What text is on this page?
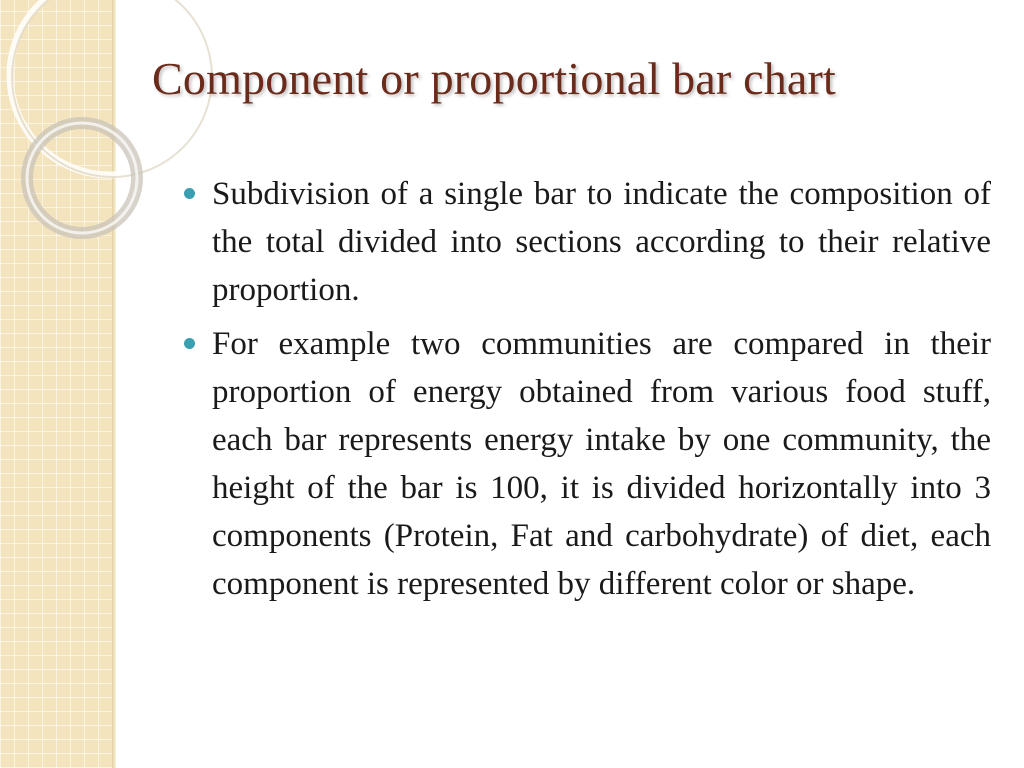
Component or proportional bar chart
Subdivision of a single bar to indicate the composition of the total divided into sections according to their relative proportion.
For example two communities are compared in their proportion of energy obtained from various food stuff, each bar represents energy intake by one community, the height of the bar is 100, it is divided horizontally into 3 components (Protein, Fat and carbohydrate) of diet, each component is represented by different color or shape.
